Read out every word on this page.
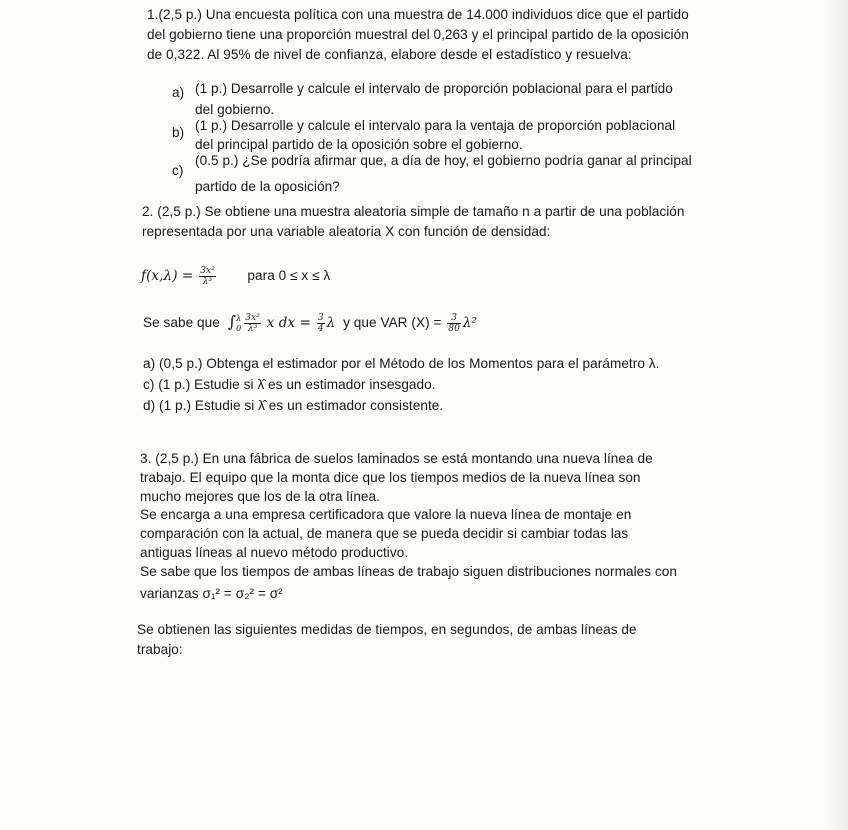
1.(2,5 p.) Una encuesta política con una muestra de 14.000 individuos dice que el partido
del gobierno tiene una proporción muestral del 0,263 y el principal partido de la oposición
de 0,322. Al 95% de nivel de confianza, elabore desde el estadístico y resuelva:
a) (1 p.) Desarrolle y calcule el intervalo de proporción poblacional para el partido
del gobierno.
b) (1 p.) Desarrolle y calcule el intervalo para la ventaja de proporción poblacional
del principal partido de la oposición sobre el gobierno.
c)
(0.5 p.) ¿Se podría afirmar que, a día de hoy, el gobierno podría ganar al principal
partido de la oposición?
2. (2,5 p.) Se obtiene una muestra aleatoria simple de tamaño n a partir de una población
representada por una variable aleatoria X con función de densidad:
$f(x,\lambda) = \frac{\text{3x²}}{\text{λ³}}$ para 0 ≤ x ≤ λ
Se sabe que ∫ λ
$0 \frac{\text{3x²}}{\text{λ³}}$ x dx = $\frac{3}{4}$ λ y que VAR $(X) = \frac{3}{80} \lambda^2$
a) (0,5 p.) Obtenga el estimador por el Método de los Momentos para el parámetro λ.
c) (1 p.) Estudie si λ̂ es un estimador insesgado.
d) (1 p.) Estudie si λ̂ es un estimador consistente.
3. (2,5 p.) En una fábrica de suelos laminados se está montando una nueva línea de
trabajo. El equipo que la monta dice que los tiempos medios de la nueva línea son
mucho mejores que los de la otra línea.
Se encarga a una empresa certificadora que valore la nueva línea de montaje en
comparación con la actual, de manera que se pueda decidir si cambiar todas las
antiguas líneas al nuevo método productivo.
Se sabe que los tiempos de ambas líneas de trabajo siguen distribuciones normales con
varianzas σ₁² = σ₂² = σ²
Se obtienen las siguientes medidas de tiempos, en segundos, de ambas líneas de
trabajo:
